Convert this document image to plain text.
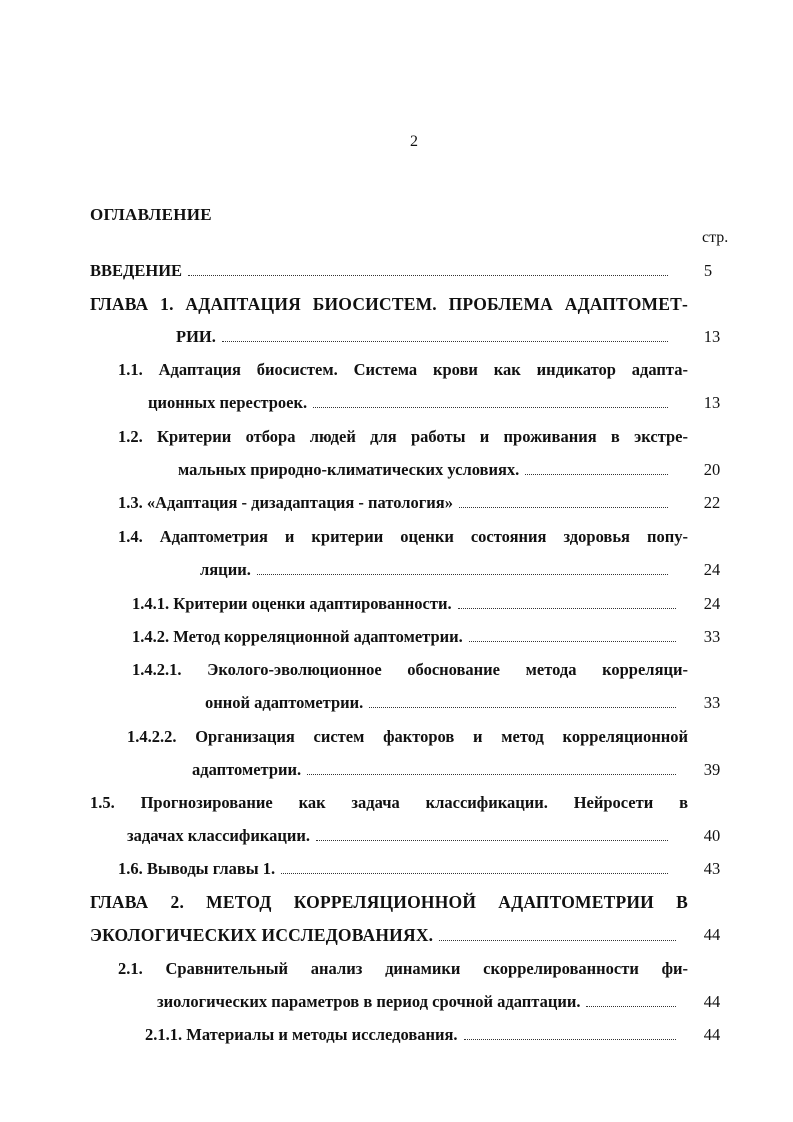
2
ОГЛАВЛЕНИЕ
стр.
ВВЕДЕНИЕ	5
ГЛАВА 1. АДАПТАЦИЯ БИОСИСТЕМ. ПРОБЛЕМА АДАПТОМЕТ-
РИИ.	13
1.1. Адаптация биосистем. Система крови как индикатор адапта-
ционных перестроек.	13
1.2. Критерии отбора людей для работы и проживания в экстре-
мальных природно-климатических условиях.	20
1.3. «Адаптация - дизадаптация - патология»	22
1.4. Адаптометрия и критерии оценки состояния здоровья попу-
ляции.	24
1.4.1. Критерии оценки адаптированности.	24
1.4.2. Метод корреляционной адаптометрии.	33
1.4.2.1. Эколого-эволюционное обоснование метода корреляци-
онной адаптометрии.	33
1.4.2.2. Организация систем факторов и метод корреляционной
адаптометрии.	39
1.5. Прогнозирование как задача классификации. Нейросети в
задачах классификации.	40
1.6. Выводы главы 1.	43
ГЛАВА 2. МЕТОД КОРРЕЛЯЦИОННОЙ АДАПТОМЕТРИИ В
ЭКОЛОГИЧЕСКИХ ИССЛЕДОВАНИЯХ.	44
2.1. Сравнительный анализ динамики скоррелированности фи-
зиологических параметров в период срочной адаптации.	44
2.1.1. Материалы и методы исследования.	44
